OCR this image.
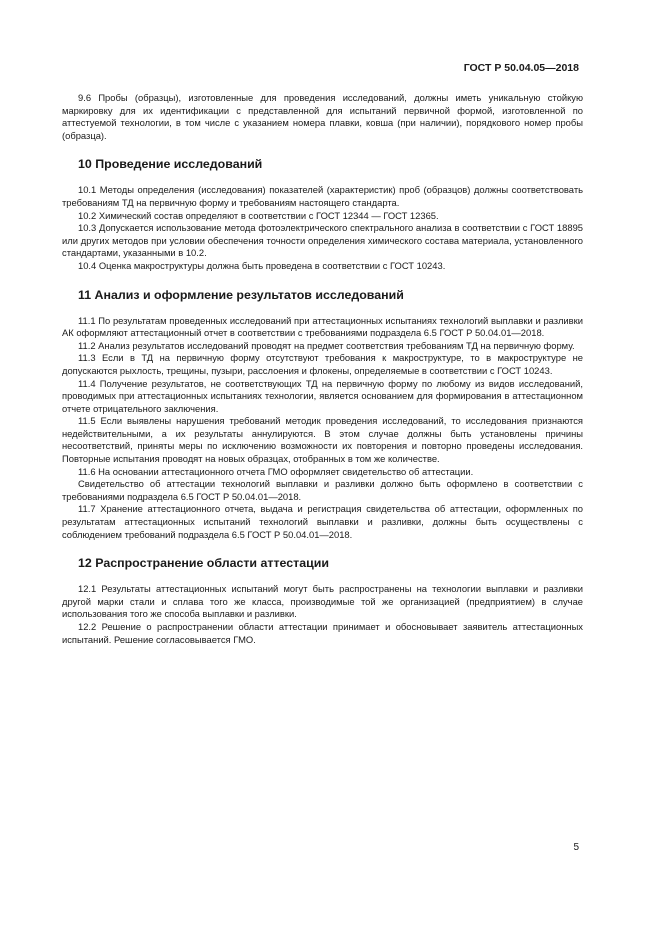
ГОСТ Р 50.04.05—2018

9.6 Пробы (образцы), изготовленные для проведения исследований, должны иметь уникальную стойкую маркировку для их идентификации с представленной для испытаний первичной формой, изготовленной по аттестуемой технологии, в том числе с указанием номера плавки, ковша (при наличии), порядкового номер пробы (образца).

10 Проведение исследований

10.1 Методы определения (исследования) показателей (характеристик) проб (образцов) должны соответствовать требованиям ТД на первичную форму и требованиям настоящего стандарта.

10.2 Химический состав определяют в соответствии с ГОСТ 12344 — ГОСТ 12365.

10.3 Допускается использование метода фотоэлектрического спектрального анализа в соответствии с ГОСТ 18895 или других методов при условии обеспечения точности определения химического состава материала, установленного стандартами, указанными в 10.2.

10.4 Оценка макроструктуры должна быть проведена в соответствии с ГОСТ 10243.

11 Анализ и оформление результатов исследований

11.1 По результатам проведенных исследований при аттестационных испытаниях технологий выплавки и разливки АК оформляют аттестационный отчет в соответствии с требованиями подраздела 6.5 ГОСТ Р 50.04.01—2018.

11.2 Анализ результатов исследований проводят на предмет соответствия требованиям ТД на первичную форму.

11.3 Если в ТД на первичную форму отсутствуют требования к макроструктуре, то в макроструктуре не допускаются рыхлость, трещины, пузыри, расслоения и флокены, определяемые в соответствии с ГОСТ 10243.

11.4 Получение результатов, не соответствующих ТД на первичную форму по любому из видов исследований, проводимых при аттестационных испытаниях технологии, является основанием для формирования в аттестационном отчете отрицательного заключения.

11.5 Если выявлены нарушения требований методик проведения исследований, то исследования признаются недействительными, а их результаты аннулируются. В этом случае должны быть установлены причины несоответствий, приняты меры по исключению возможности их повторения и повторно проведены исследования. Повторные испытания проводят на новых образцах, отобранных в том же количестве.

11.6 На основании аттестационного отчета ГМО оформляет свидетельство об аттестации.

Свидетельство об аттестации технологий выплавки и разливки должно быть оформлено в соответствии с требованиями подраздела 6.5 ГОСТ Р 50.04.01—2018.

11.7 Хранение аттестационного отчета, выдача и регистрация свидетельства об аттестации, оформленных по результатам аттестационных испытаний технологий выплавки и разливки, должны быть осуществлены с соблюдением требований подраздела 6.5 ГОСТ Р 50.04.01—2018.

12 Распространение области аттестации

12.1 Результаты аттестационных испытаний могут быть распространены на технологии выплавки и разливки другой марки стали и сплава того же класса, производимые той же организацией (предприятием) в случае использования того же способа выплавки и разливки.

12.2 Решение о распространении области аттестации принимает и обосновывает заявитель аттестационных испытаний. Решение согласовывается ГМО.

5
